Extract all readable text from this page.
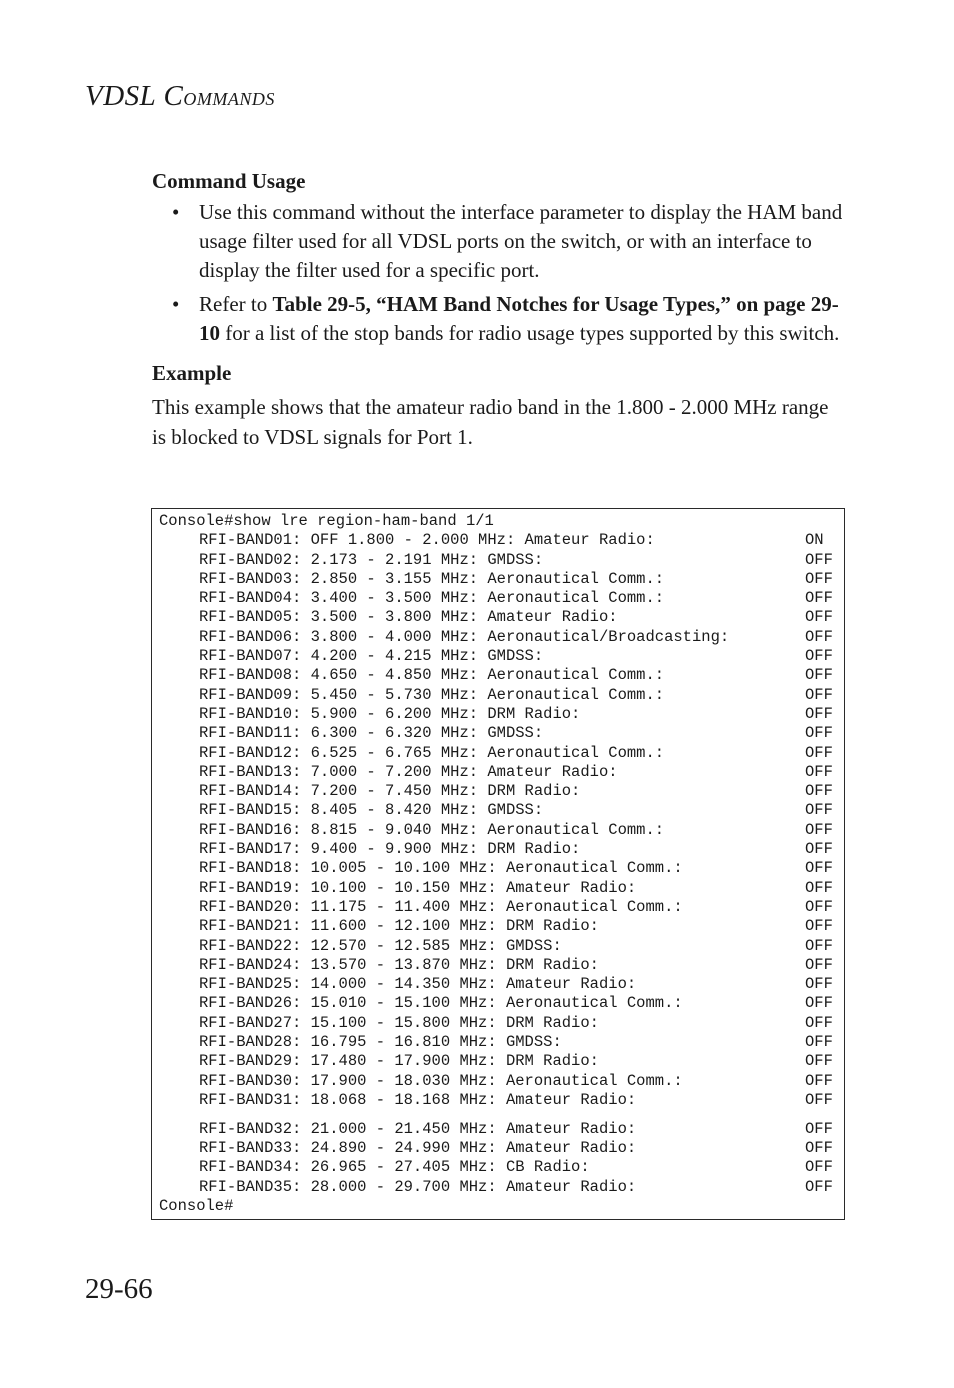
VDSL COMMANDS
Command Usage
• Use this command without the interface parameter to display the HAM band usage filter used for all VDSL ports on the switch, or with an interface to display the filter used for a specific port.
• Refer to Table 29-5, “HAM Band Notches for Usage Types,” on page 29-10 for a list of the stop bands for radio usage types supported by this switch.
Example
This example shows that the amateur radio band in the 1.800 - 2.000 MHz range is blocked to VDSL signals for Port 1.
Console#show lre region-ham-band 1/1
RFI-BAND01: OFF 1.800 - 2.000 MHz: Amateur Radio:	ON
RFI-BAND02: 2.173 - 2.191 MHz: GMDSS:	OFF
RFI-BAND03: 2.850 - 3.155 MHz: Aeronautical Comm.:	OFF
RFI-BAND04: 3.400 - 3.500 MHz: Aeronautical Comm.:	OFF
RFI-BAND05: 3.500 - 3.800 MHz: Amateur Radio:	OFF
RFI-BAND06: 3.800 - 4.000 MHz: Aeronautical/Broadcasting:	OFF
RFI-BAND07: 4.200 - 4.215 MHz: GMDSS:	OFF
RFI-BAND08: 4.650 - 4.850 MHz: Aeronautical Comm.:	OFF
RFI-BAND09: 5.450 - 5.730 MHz: Aeronautical Comm.:	OFF
RFI-BAND10: 5.900 - 6.200 MHz: DRM Radio:	OFF
RFI-BAND11: 6.300 - 6.320 MHz: GMDSS:	OFF
RFI-BAND12: 6.525 - 6.765 MHz: Aeronautical Comm.:	OFF
RFI-BAND13: 7.000 - 7.200 MHz: Amateur Radio:	OFF
RFI-BAND14: 7.200 - 7.450 MHz: DRM Radio:	OFF
RFI-BAND15: 8.405 - 8.420 MHz: GMDSS:	OFF
RFI-BAND16: 8.815 - 9.040 MHz: Aeronautical Comm.:	OFF
RFI-BAND17: 9.400 - 9.900 MHz: DRM Radio:	OFF
RFI-BAND18: 10.005 - 10.100 MHz: Aeronautical Comm.:	OFF
RFI-BAND19: 10.100 - 10.150 MHz: Amateur Radio:	OFF
RFI-BAND20: 11.175 - 11.400 MHz: Aeronautical Comm.:	OFF
RFI-BAND21: 11.600 - 12.100 MHz: DRM Radio:	OFF
RFI-BAND22: 12.570 - 12.585 MHz: GMDSS:	OFF
RFI-BAND24: 13.570 - 13.870 MHz: DRM Radio:	OFF
RFI-BAND25: 14.000 - 14.350 MHz: Amateur Radio:	OFF
RFI-BAND26: 15.010 - 15.100 MHz: Aeronautical Comm.:	OFF
RFI-BAND27: 15.100 - 15.800 MHz: DRM Radio:	OFF
RFI-BAND28: 16.795 - 16.810 MHz: GMDSS:	OFF
RFI-BAND29: 17.480 - 17.900 MHz: DRM Radio:	OFF
RFI-BAND30: 17.900 - 18.030 MHz: Aeronautical Comm.:	OFF
RFI-BAND31: 18.068 - 18.168 MHz: Amateur Radio:	OFF
RFI-BAND32: 21.000 - 21.450 MHz: Amateur Radio:	OFF
RFI-BAND33: 24.890 - 24.990 MHz: Amateur Radio:	OFF
RFI-BAND34: 26.965 - 27.405 MHz: CB Radio:	OFF
RFI-BAND35: 28.000 - 29.700 MHz: Amateur Radio:	OFF
Console#
29-66
